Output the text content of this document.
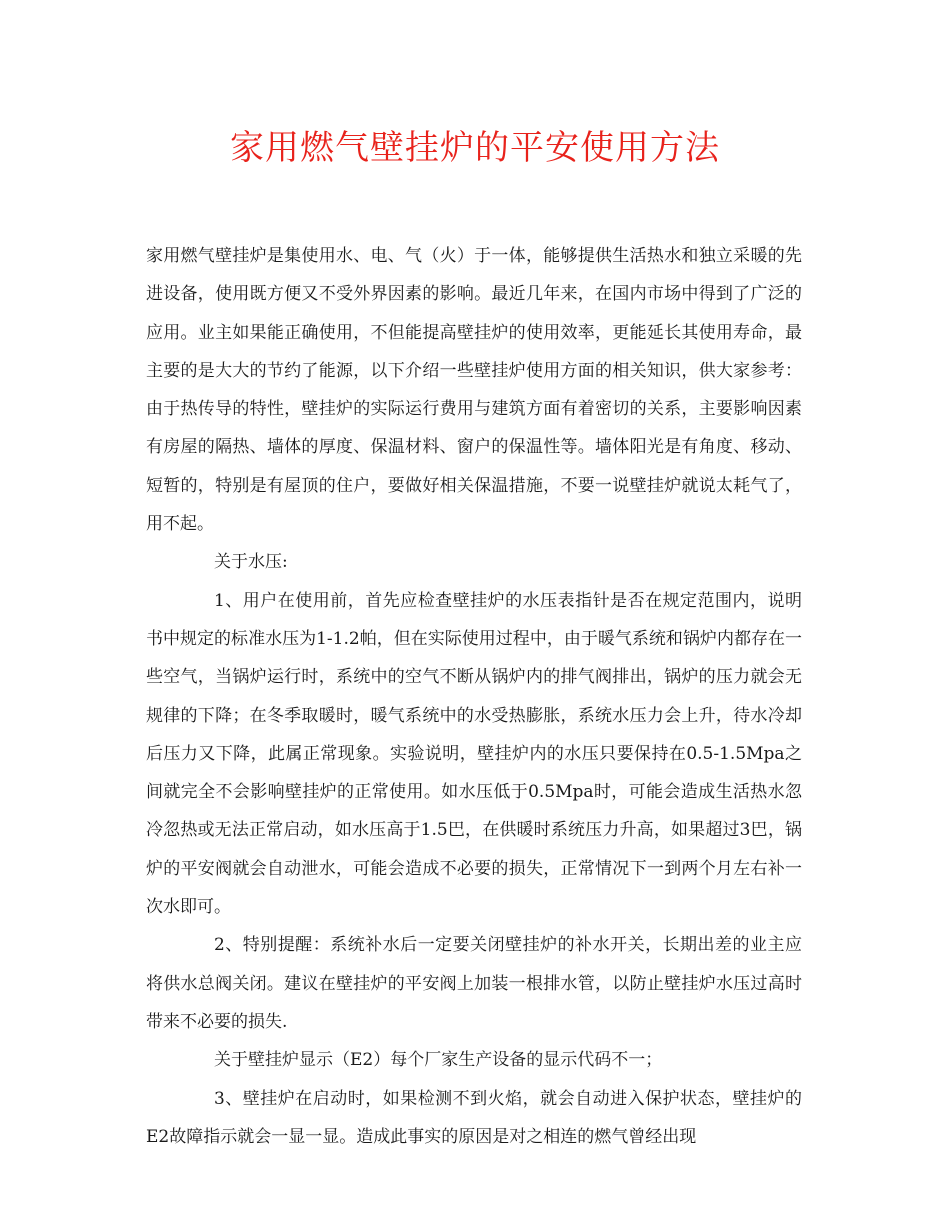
家用燃气壁挂炉的平安使用方法

家用燃气壁挂炉是集使用水、电、气（火）于一体，能够提供生活热水和独立采暖的先进设备，使用既方便又不受外界因素的影响。最近几年来，在国内市场中得到了广泛的应用。业主如果能正确使用，不但能提高壁挂炉的使用效率，更能延长其使用寿命，最主要的是大大的节约了能源，以下介绍一些壁挂炉使用方面的相关知识，供大家参考：由于热传导的特性，壁挂炉的实际运行费用与建筑方面有着密切的关系，主要影响因素有房屋的隔热、墙体的厚度、保温材料、窗户的保温性等。墙体阳光是有角度、移动、短暂的，特别是有屋顶的住户，要做好相关保温措施，不要一说壁挂炉就说太耗气了，用不起。

关于水压:

1、用户在使用前，首先应检查壁挂炉的水压表指针是否在规定范围内，说明书中规定的标准水压为1-1.2帕，但在实际使用过程中，由于暖气系统和锅炉内都存在一些空气，当锅炉运行时，系统中的空气不断从锅炉内的排气阀排出，锅炉的压力就会无规律的下降；在冬季取暖时，暖气系统中的水受热膨胀，系统水压力会上升，待水冷却后压力又下降，此属正常现象。实验说明，壁挂炉内的水压只要保持在0.5-1.5Mpa之间就完全不会影响壁挂炉的正常使用。如水压低于0.5Mpa时，可能会造成生活热水忽冷忽热或无法正常启动，如水压高于1.5巴，在供暖时系统压力升高，如果超过3巴，锅炉的平安阀就会自动泄水，可能会造成不必要的损失，正常情况下一到两个月左右补一次水即可。

2、特别提醒：系统补水后一定要关闭壁挂炉的补水开关，长期出差的业主应将供水总阀关闭。建议在壁挂炉的平安阀上加装一根排水管，以防止壁挂炉水压过高时带来不必要的损失.

关于壁挂炉显示（E2）每个厂家生产设备的显示代码不一；

3、壁挂炉在启动时，如果检测不到火焰，就会自动进入保护状态，壁挂炉的E2故障指示就会一显一显。造成此事实的原因是对之相连的燃气曾经出现
